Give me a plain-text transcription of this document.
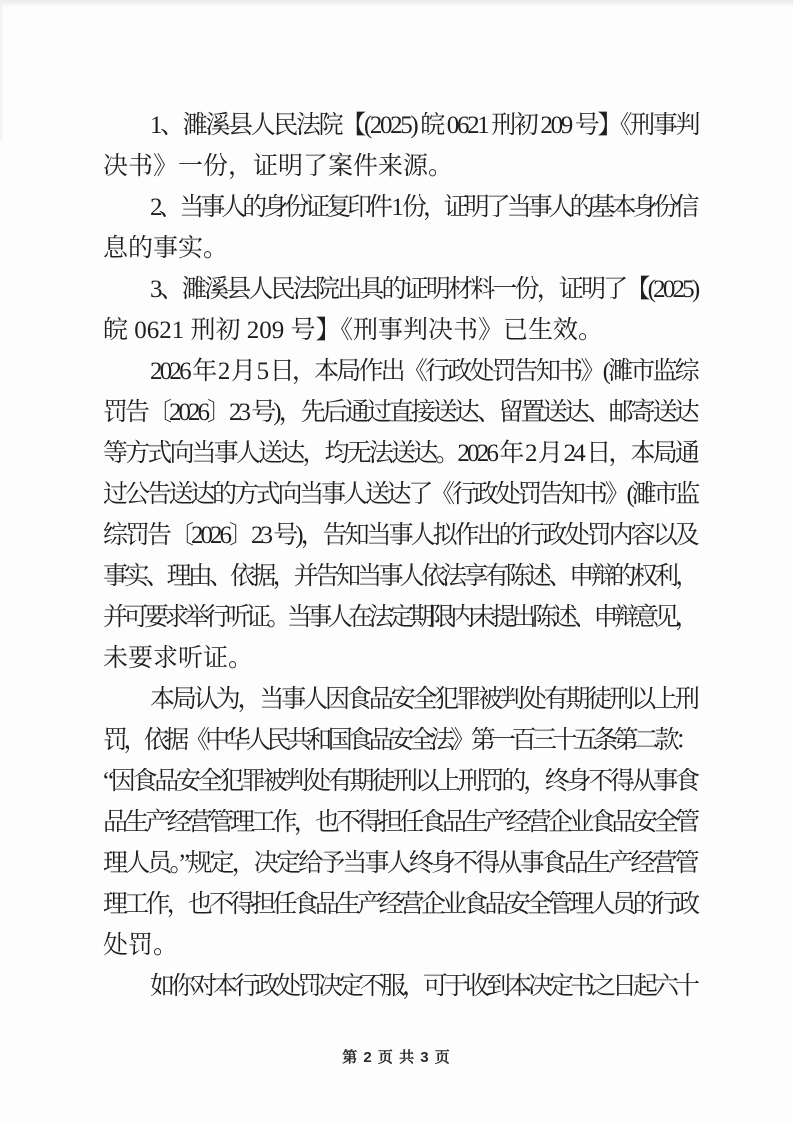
1、濉溪县人民法院【(2025) 皖 0621 刑初 209 号】《刑事判
决书》一份，证明了案件来源。
2、当事人的身份证复印件 1 份，证明了当事人的基本身份信
息的事实。
3、濉溪县人民法院出具的证明材料一份，证明了【(2025)
皖 0621 刑初 209 号】《刑事判决书》已生效。
2026 年 2 月 5 日，本局作出《行政处罚告知书》(濉市监综
罚告〔2026〕23 号)，先后通过直接送达、留置送达、邮寄送达
等方式向当事人送达，均无法送达。2026 年 2 月 24 日，本局通
过公告送达的方式向当事人送达了《行政处罚告知书》(濉市监
综罚告〔2026〕23 号)，告知当事人拟作出的行政处罚内容以及
事实、理由、依据，并告知当事人依法享有陈述、申辩的权利，
并可要求举行听证。当事人在法定期限内未提出陈述、申辩意见，
未要求听证。
本局认为，当事人因食品安全犯罪被判处有期徒刑以上刑
罚，依据《中华人民共和国食品安全法》第一百三十五条第二款：
“因食品安全犯罪被判处有期徒刑以上刑罚的，终身不得从事食
品生产经营管理工作，也不得担任食品生产经营企业食品安全管
理人员。”规定，决定给予当事人终身不得从事食品生产经营管
理工作，也不得担任食品生产经营企业食品安全管理人员的行政
处罚。
如你对本行政处罚决定不服，可于收到本决定书之日起六十
第 2 页 共 3 页
